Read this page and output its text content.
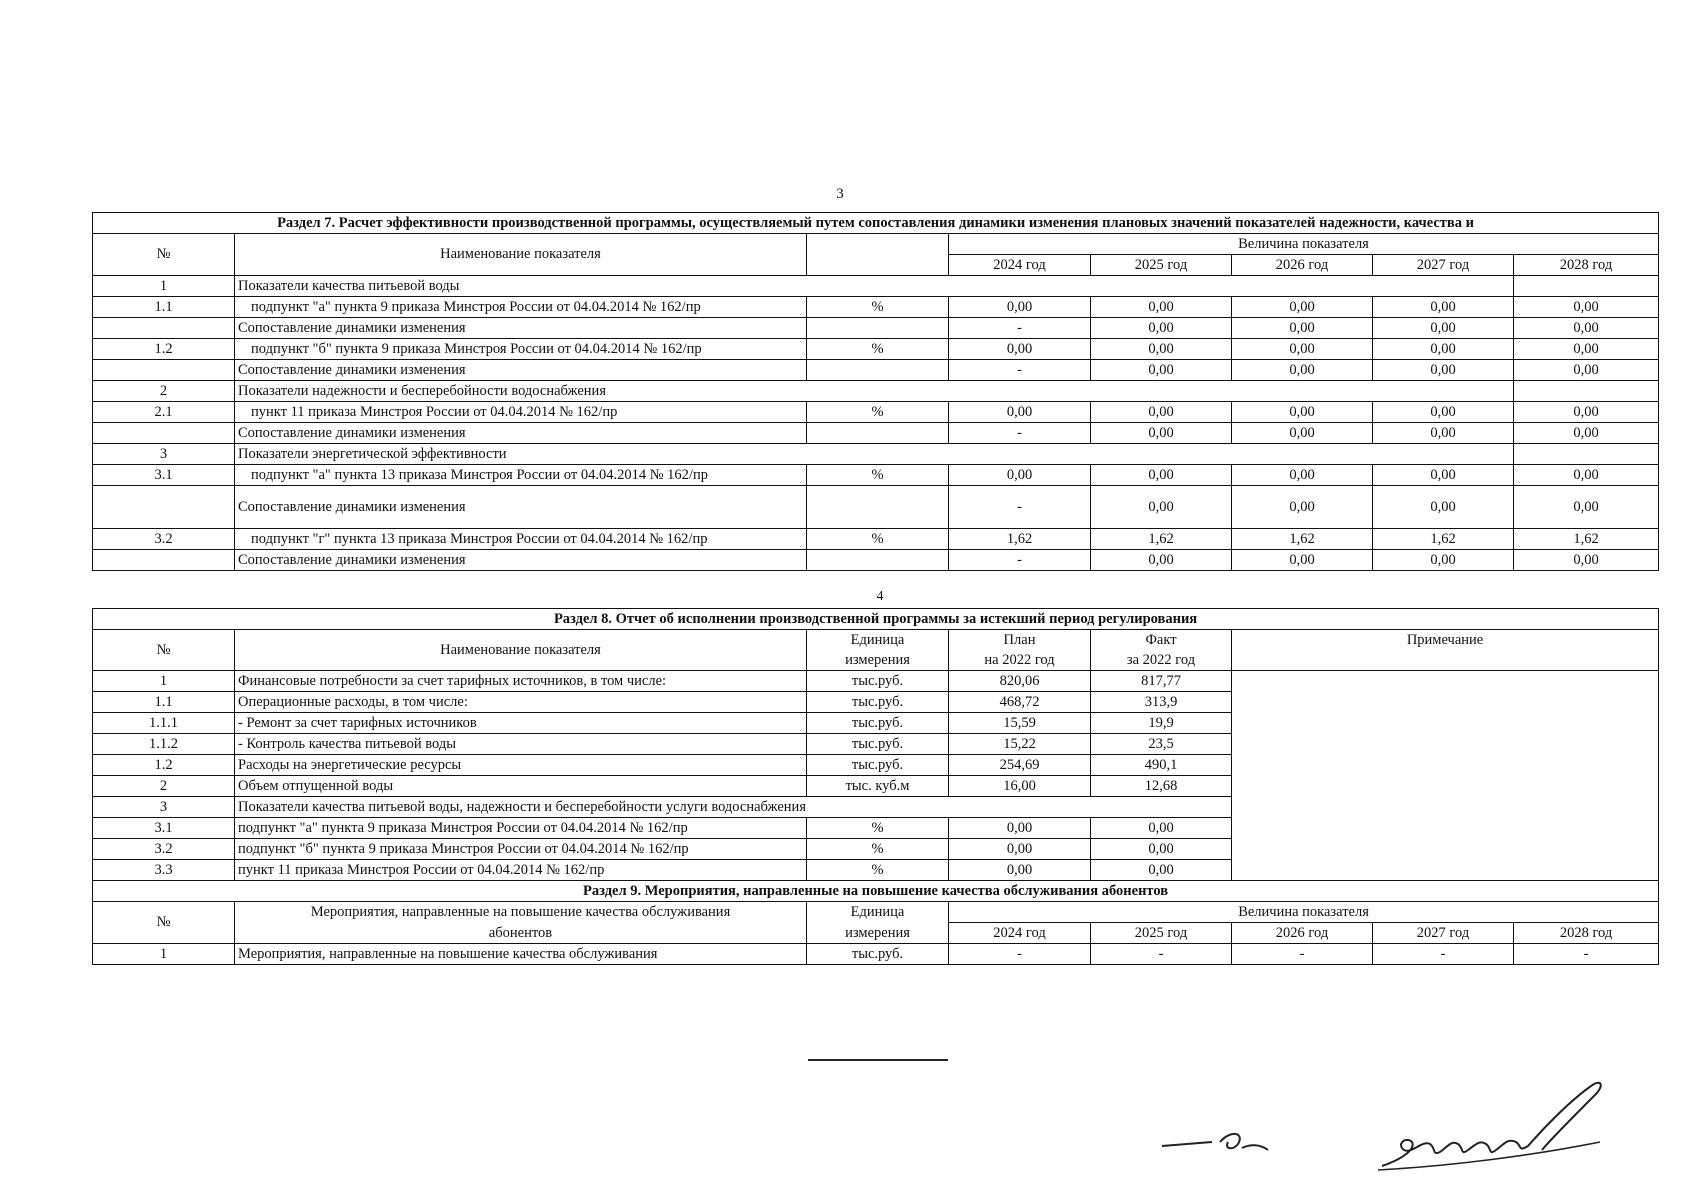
3
Раздел 7. Расчет эффективности производственной программы, осуществляемый путем сопоставления динамики изменения плановых значений показателей надежности, качества и								
№	Наименование показателя		Величина показателя					
			2024 год	2025 год	2026 год	2027 год	2028 год	
1	Показатели качества питьевой воды							
1.1	подпункт "а" пункта 9 приказа Минстроя России от 04.04.2014 № 162/пр	%	0,00	0,00	0,00	0,00	0,00	
	Сопоставление динамики изменения		-	0,00	0,00	0,00	0,00	
1.2	подпункт "б" пункта 9 приказа Минстроя России от 04.04.2014 № 162/пр	%	0,00	0,00	0,00	0,00	0,00	
	Сопоставление динамики изменения		-	0,00	0,00	0,00	0,00	
2	Показатели надежности и бесперебойности водоснабжения							
2.1	пункт 11 приказа Минстроя России от 04.04.2014 № 162/пр	%	0,00	0,00	0,00	0,00	0,00	
	Сопоставление динамики изменения		-	0,00	0,00	0,00	0,00	
3	Показатели энергетической эффективности							
3.1	подпункт "а" пункта 13 приказа Минстроя России от 04.04.2014 № 162/пр	%	0,00	0,00	0,00	0,00	0,00	
	Сопоставление динамики изменения		-	0,00	0,00	0,00	0,00	
3.2	подпункт "г" пункта 13 приказа Минстроя России от 04.04.2014 № 162/пр	%	1,62	1,62	1,62	1,62	1,62	
	Сопоставление динамики изменения		-	0,00	0,00	0,00	0,00	
4
Раздел 8. Отчет об исполнении производственной программы за истекший период регулирования							
№	Наименование показателя	Единица	План	Факт	Примечание		
		измерения	на 2022 год	за 2022 год			
1	Финансовые потребности за счет тарифных источников, в том числе:	тыс.руб.	820,06	817,77			
1.1	Операционные расходы, в том числе:	тыс.руб.	468,72	313,9			
1.1.1	- Ремонт за счет тарифных источников	тыс.руб.	15,59	19,9			
1.1.2	- Контроль качества питьевой воды	тыс.руб.	15,22	23,5			
1.2	Расходы на энергетические ресурсы	тыс.руб.	254,69	490,1			
2	Объем отпущенной воды	тыс. куб.м	16,00	12,68			
3	Показатели качества питьевой воды, надежности и бесперебойности услуги водоснабжения						
3.1	подпункт "а" пункта 9 приказа Минстроя России от 04.04.2014 № 162/пр	%	0,00	0,00			
3.2	подпункт "б" пункта 9 приказа Минстроя России от 04.04.2014 № 162/пр	%	0,00	0,00			
3.3	пункт 11 приказа Минстроя России от 04.04.2014 № 162/пр	%	0,00	0,00			
Раздел 9. Мероприятия, направленные на повышение качества обслуживания абонентов							
№	Мероприятия, направленные на повышение качества обслуживания	Единица	Величина показателя				
	абонентов	измерения	2024 год	2025 год	2026 год	2027 год	2028 год
1	Мероприятия, направленные на повышение качества обслуживания	тыс.руб.	-	-	-	-	-
